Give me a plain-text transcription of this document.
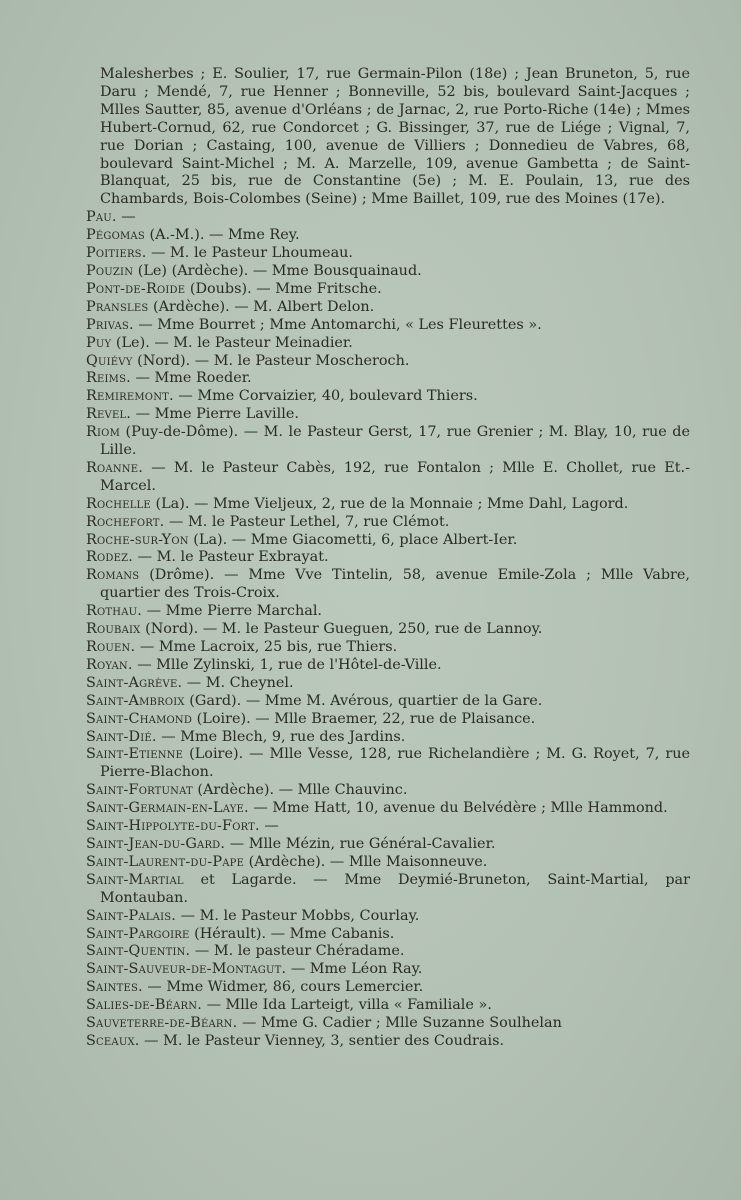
Malesherbes ; E. Soulier, 17, rue Germain-Pilon (18e) ; Jean Bruneton, 5, rue Daru ; Mendé, 7, rue Henner ; Bonneville, 52 bis, boulevard Saint-Jacques ; Mlles Sautter, 85, avenue d'Orléans ; de Jarnac, 2, rue Porto-Riche (14e) ; Mmes Hubert-Cornud, 62, rue Condorcet ; G. Bissinger, 37, rue de Liége ; Vignal, 7, rue Dorian ; Castaing, 100, avenue de Villiers ; Donnedieu de Vabres, 68, boulevard Saint-Michel ; M. A. Marzelle, 109, avenue Gambetta ; de Saint-Blanquat, 25 bis, rue de Constantine (5e) ; M. E. Poulain, 13, rue des Chambards, Bois-Colombes (Seine) ; Mme Baillet, 109, rue des Moines (17e).
Pau. —
Pégomas (A.-M.). — Mme Rey.
Poitiers. — M. le Pasteur Lhoumeau.
Pouzin (Le) (Ardèche). — Mme Bousquainaud.
Pont-de-Roide (Doubs). — Mme Fritsche.
Pransles (Ardèche). — M. Albert Delon.
Privas. — Mme Bourret ; Mme Antomarchi, « Les Fleurettes ».
Puy (Le). — M. le Pasteur Meinadier.
Quiévy (Nord). — M. le Pasteur Moscheroch.
Reims. — Mme Roeder.
Remiremont. — Mme Corvaizier, 40, boulevard Thiers.
Revel. — Mme Pierre Laville.
Riom (Puy-de-Dôme). — M. le Pasteur Gerst, 17, rue Grenier ; M. Blay, 10, rue de Lille.
Roanne. — M. le Pasteur Cabès, 192, rue Fontalon ; Mlle E. Chollet, rue Et.-Marcel.
Rochelle (La). — Mme Vieljeux, 2, rue de la Monnaie ; Mme Dahl, Lagord.
Rochefort. — M. le Pasteur Lethel, 7, rue Clémot.
Roche-sur-Yon (La). — Mme Giacometti, 6, place Albert-Ier.
Rodez. — M. le Pasteur Exbrayat.
Romans (Drôme). — Mme Vve Tintelin, 58, avenue Emile-Zola ; Mlle Vabre, quartier des Trois-Croix.
Rothau. — Mme Pierre Marchal.
Roubaix (Nord). — M. le Pasteur Gueguen, 250, rue de Lannoy.
Rouen. — Mme Lacroix, 25 bis, rue Thiers.
Royan. — Mlle Zylinski, 1, rue de l'Hôtel-de-Ville.
Saint-Agrève. — M. Cheynel.
Saint-Ambroix (Gard). — Mme M. Avérous, quartier de la Gare.
Saint-Chamond (Loire). — Mlle Braemer, 22, rue de Plaisance.
Saint-Dié. — Mme Blech, 9, rue des Jardins.
Saint-Etienne (Loire). — Mlle Vesse, 128, rue Richelandière ; M. G. Royet, 7, rue Pierre-Blachon.
Saint-Fortunat (Ardèche). — Mlle Chauvinc.
Saint-Germain-en-Laye. — Mme Hatt, 10, avenue du Belvédère ; Mlle Hammond.
Saint-Hippolyte-du-Fort. —
Saint-Jean-du-Gard. — Mlle Mézin, rue Général-Cavalier.
Saint-Laurent-du-Pape (Ardèche). — Mlle Maisonneuve.
Saint-Martial et Lagarde. — Mme Deymié-Bruneton, Saint-Martial, par Montauban.
Saint-Palais. — M. le Pasteur Mobbs, Courlay.
Saint-Pargoire (Hérault). — Mme Cabanis.
Saint-Quentin. — M. le pasteur Chéradame.
Saint-Sauveur-de-Montagut. — Mme Léon Ray.
Saintes. — Mme Widmer, 86, cours Lemercier.
Salies-de-Béarn. — Mlle Ida Larteigt, villa « Familiale ».
Sauveterre-de-Béarn. — Mme G. Cadier ; Mlle Suzanne Soulhelan
Sceaux. — M. le Pasteur Vienney, 3, sentier des Coudrais.
